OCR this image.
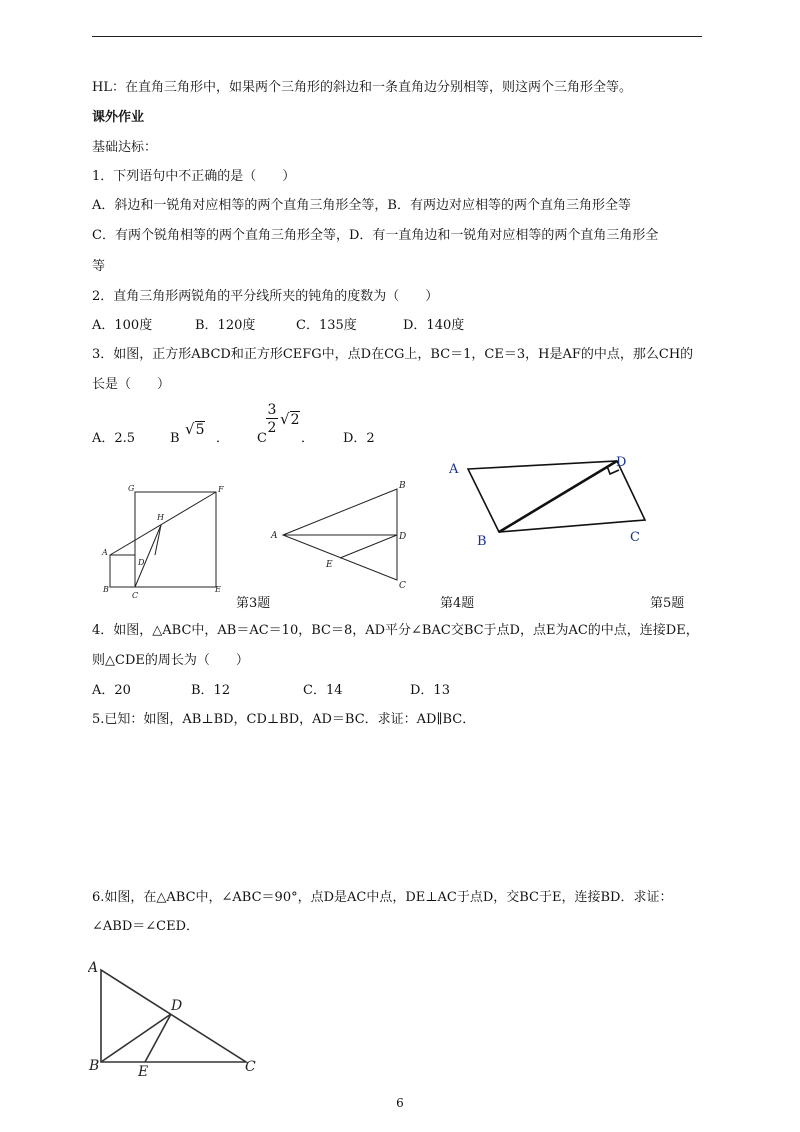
HL：在直角三角形中，如果两个三角形的斜边和一条直角边分别相等，则这两个三角形全等。
课外作业
基础达标：
1．下列语句中不正确的是（　　）
A．斜边和一锐角对应相等的两个直角三角形全等，B．有两边对应相等的两个直角三角形全等
C．有两个锐角相等的两个直角三角形全等，D．有一直角边和一锐角对应相等的两个直角三角形全
等
2．直角三角形两锐角的平分线所夹的钝角的度数为（　　）
A．100度	B．120度	C．135度	D．140度
3．如图，正方形ABCD和正方形CEFG中，点D在CG上，BC＝1，CE＝3，H是AF的中点，那么CH的
长是（　　）
A．2.5	B
√5
． C
3
2 √2
． D．2
G	F
H
A
D
B
C
E
B
A	D
E
C
A	D
B	C
第3题	第4题	第5题
4．如图，△ABC中，AB＝AC＝10，BC＝8，AD平分∠BAC交BC于点D，点E为AC的中点，连接DE，
则△CDE的周长为（　　）
A．20	B．12	C．14	D．13
5.已知：如图，AB⊥BD，CD⊥BD，AD＝BC．求证：AD∥BC．
6.如图，在△ABC中，∠ABC＝90°，点D是AC中点，DE⊥AC于点D，交BC于E，连接BD．求证：
∠ABD＝∠CED．
A
D
B	E	C
6
